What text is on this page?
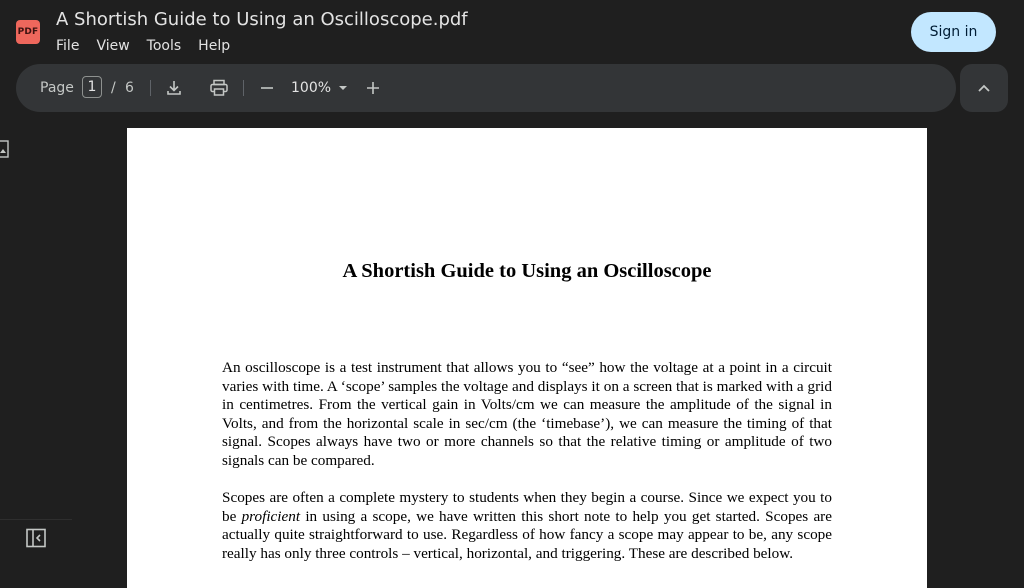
PDF
A Shortish Guide to Using an Oscilloscope.pdf
File	View	Tools	Help
Sign in
Page 1	/ 6	100%
A Shortish Guide to Using an Oscilloscope

An oscilloscope is a test instrument that allows you to “see” how the voltage at a point in a circuit varies with time. A ‘scope’ samples the voltage and displays it on a screen that is marked with a grid in centimetres. From the vertical gain in Volts/cm we can measure the amplitude of the signal in Volts, and from the horizontal scale in sec/cm (the ‘timebase’), we can measure the timing of that signal. Scopes always have two or more channels so that the relative timing or amplitude of two signals can be compared.

Scopes are often a complete mystery to students when they begin a course. Since we expect you to be proficient in using a scope, we have written this short note to help you get started. Scopes are actually quite straightforward to use. Regardless of how fancy a scope may appear to be, any scope really has only three controls – vertical, horizontal, and triggering. These are described below.
